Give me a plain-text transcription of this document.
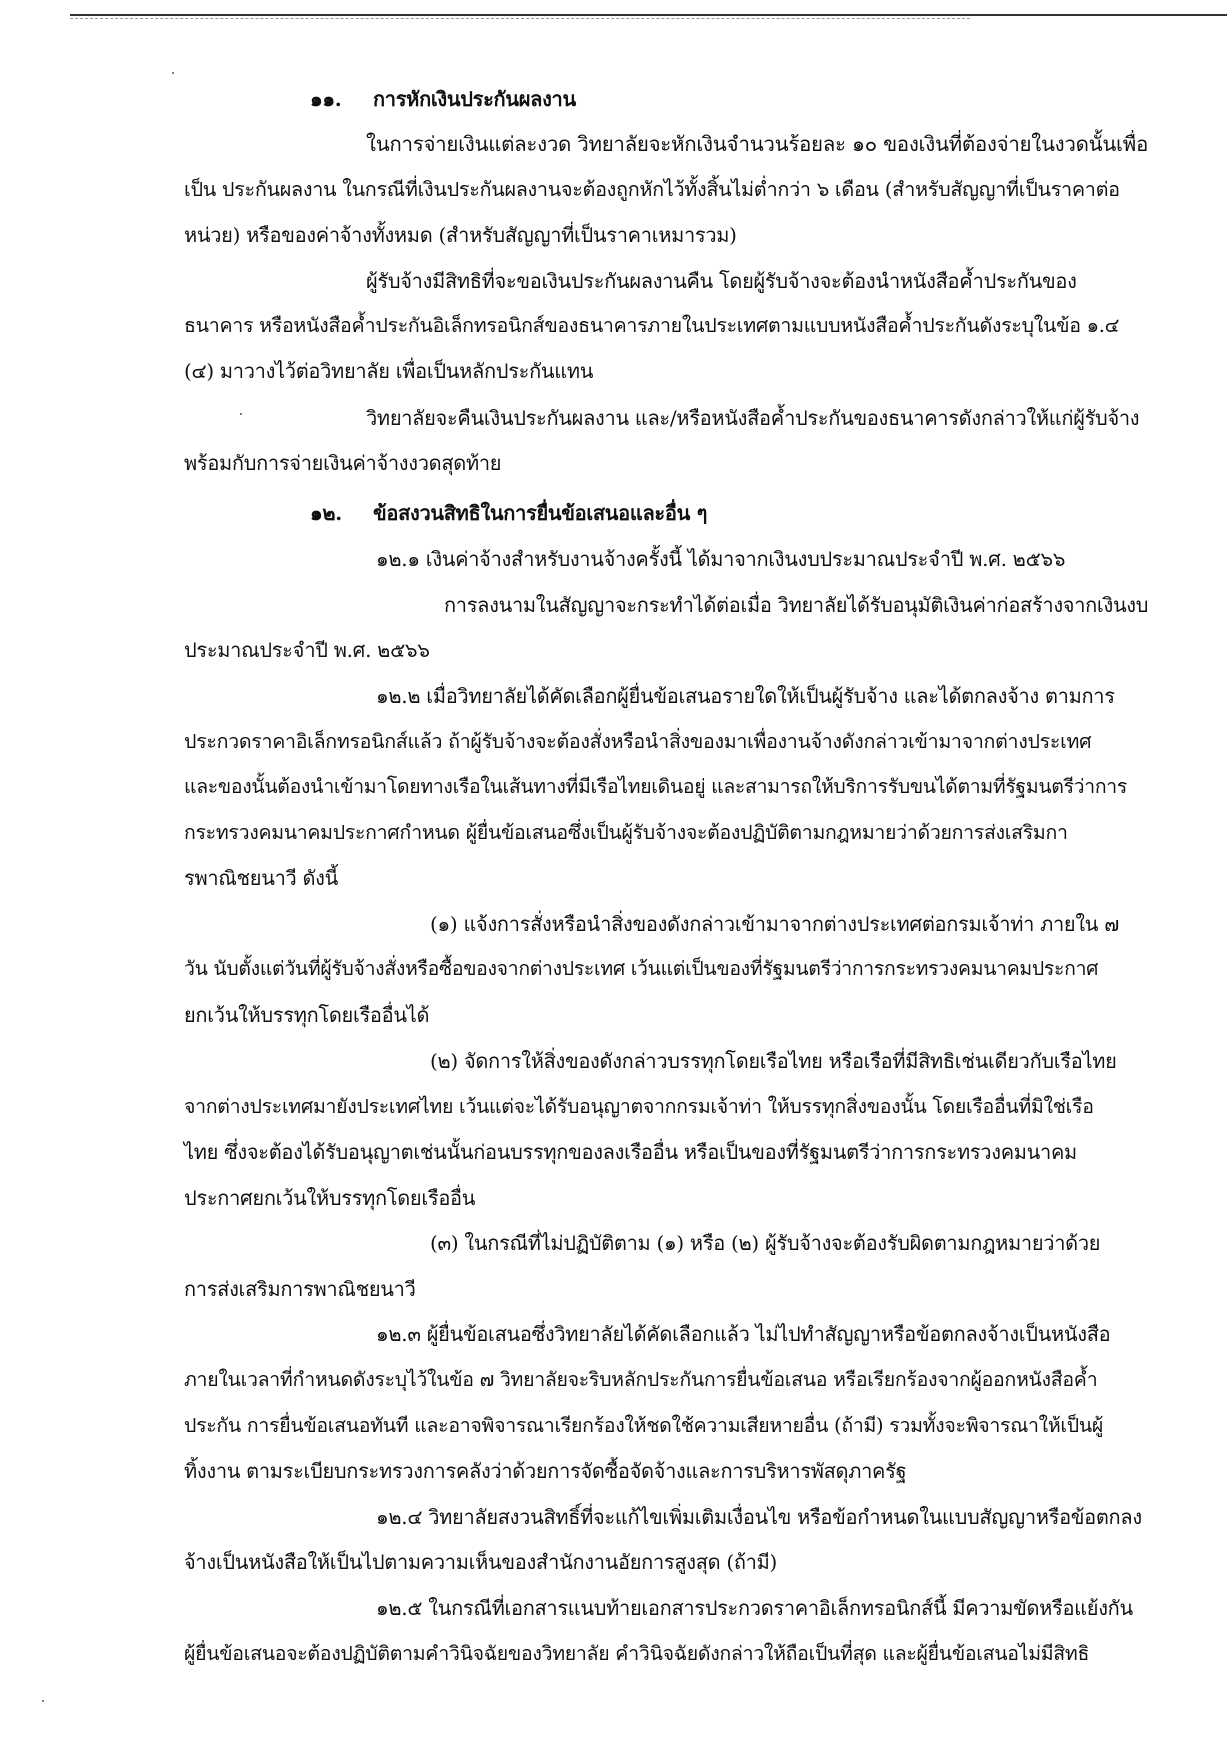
๑๑. การหักเงินประกันผลงาน
ในการจ่ายเงินแต่ละงวด วิทยาลัยจะหักเงินจำนวนร้อยละ ๑๐ ของเงินที่ต้องจ่ายในงวดนั้นเพื่อ
เป็น ประกันผลงาน ในกรณีที่เงินประกันผลงานจะต้องถูกหักไว้ทั้งสิ้นไม่ต่ำกว่า ๖ เดือน (สำหรับสัญญาที่เป็นราคาต่อ
หน่วย) หรือของค่าจ้างทั้งหมด (สำหรับสัญญาที่เป็นราคาเหมารวม)
ผู้รับจ้างมีสิทธิที่จะขอเงินประกันผลงานคืน โดยผู้รับจ้างจะต้องนำหนังสือค้ำประกันของ
ธนาคาร หรือหนังสือค้ำประกันอิเล็กทรอนิกส์ของธนาคารภายในประเทศตามแบบหนังสือค้ำประกันดังระบุในข้อ ๑.๔
(๔) มาวางไว้ต่อวิทยาลัย เพื่อเป็นหลักประกันแทน
วิทยาลัยจะคืนเงินประกันผลงาน และ/หรือหนังสือค้ำประกันของธนาคารดังกล่าวให้แก่ผู้รับจ้าง
พร้อมกับการจ่ายเงินค่าจ้างงวดสุดท้าย
๑๒. ข้อสงวนสิทธิในการยื่นข้อเสนอและอื่น ๆ
๑๒.๑ เงินค่าจ้างสำหรับงานจ้างครั้งนี้ ได้มาจากเงินงบประมาณประจำปี พ.ศ. ๒๕๖๖
การลงนามในสัญญาจะกระทำได้ต่อเมื่อ วิทยาลัยได้รับอนุมัติเงินค่าก่อสร้างจากเงินงบ
ประมาณประจำปี พ.ศ. ๒๕๖๖
๑๒.๒ เมื่อวิทยาลัยได้คัดเลือกผู้ยื่นข้อเสนอรายใดให้เป็นผู้รับจ้าง และได้ตกลงจ้าง ตามการ
ประกวดราคาอิเล็กทรอนิกส์แล้ว ถ้าผู้รับจ้างจะต้องสั่งหรือนำสิ่งของมาเพื่องานจ้างดังกล่าวเข้ามาจากต่างประเทศ
และของนั้นต้องนำเข้ามาโดยทางเรือในเส้นทางที่มีเรือไทยเดินอยู่ และสามารถให้บริการรับขนได้ตามที่รัฐมนตรีว่าการ
กระทรวงคมนาคมประกาศกำหนด ผู้ยื่นข้อเสนอซึ่งเป็นผู้รับจ้างจะต้องปฏิบัติตามกฎหมายว่าด้วยการส่งเสริมกา
รพาณิชยนาวี ดังนี้
(๑) แจ้งการสั่งหรือนำสิ่งของดังกล่าวเข้ามาจากต่างประเทศต่อกรมเจ้าท่า ภายใน ๗
วัน นับตั้งแต่วันที่ผู้รับจ้างสั่งหรือซื้อของจากต่างประเทศ เว้นแต่เป็นของที่รัฐมนตรีว่าการกระทรวงคมนาคมประกาศ
ยกเว้นให้บรรทุกโดยเรืออื่นได้
(๒) จัดการให้สิ่งของดังกล่าวบรรทุกโดยเรือไทย หรือเรือที่มีสิทธิเช่นเดียวกับเรือไทย
จากต่างประเทศมายังประเทศไทย เว้นแต่จะได้รับอนุญาตจากกรมเจ้าท่า ให้บรรทุกสิ่งของนั้น โดยเรืออื่นที่มิใช่เรือ
ไทย ซึ่งจะต้องได้รับอนุญาตเช่นนั้นก่อนบรรทุกของลงเรืออื่น หรือเป็นของที่รัฐมนตรีว่าการกระทรวงคมนาคม
ประกาศยกเว้นให้บรรทุกโดยเรืออื่น
(๓) ในกรณีที่ไม่ปฏิบัติตาม (๑) หรือ (๒) ผู้รับจ้างจะต้องรับผิดตามกฎหมายว่าด้วย
การส่งเสริมการพาณิชยนาวี
๑๒.๓ ผู้ยื่นข้อเสนอซึ่งวิทยาลัยได้คัดเลือกแล้ว ไม่ไปทำสัญญาหรือข้อตกลงจ้างเป็นหนังสือ
ภายในเวลาที่กำหนดดังระบุไว้ในข้อ ๗ วิทยาลัยจะริบหลักประกันการยื่นข้อเสนอ หรือเรียกร้องจากผู้ออกหนังสือค้ำ
ประกัน การยื่นข้อเสนอทันที และอาจพิจารณาเรียกร้องให้ชดใช้ความเสียหายอื่น (ถ้ามี) รวมทั้งจะพิจารณาให้เป็นผู้
ทิ้งงาน ตามระเบียบกระทรวงการคลังว่าด้วยการจัดซื้อจัดจ้างและการบริหารพัสดุภาครัฐ
๑๒.๔ วิทยาลัยสงวนสิทธิ์ที่จะแก้ไขเพิ่มเติมเงื่อนไข หรือข้อกำหนดในแบบสัญญาหรือข้อตกลง
จ้างเป็นหนังสือให้เป็นไปตามความเห็นของสำนักงานอัยการสูงสุด (ถ้ามี)
๑๒.๕ ในกรณีที่เอกสารแนบท้ายเอกสารประกวดราคาอิเล็กทรอนิกส์นี้ มีความขัดหรือแย้งกัน
ผู้ยื่นข้อเสนอจะต้องปฏิบัติตามคำวินิจฉัยของวิทยาลัย คำวินิจฉัยดังกล่าวให้ถือเป็นที่สุด และผู้ยื่นข้อเสนอไม่มีสิทธิ
